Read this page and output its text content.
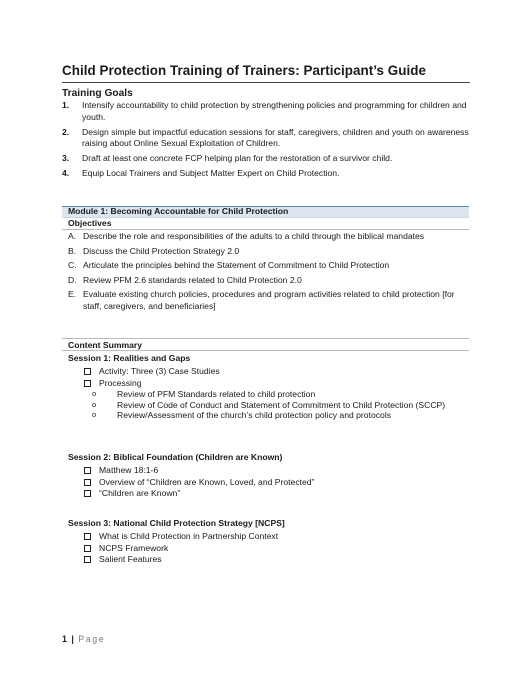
Child Protection Training of Trainers: Participant’s Guide
Training Goals
1. Intensify accountability to child protection by strengthening policies and programming for children and youth.
2. Design simple but impactful education sessions for staff, caregivers, children and youth on awareness raising about Online Sexual Exploitation of Children.
3. Draft at least one concrete FCP helping plan for the restoration of a survivor child.
4. Equip Local Trainers and Subject Matter Expert on Child Protection.
Module 1: Becoming Accountable for Child Protection
Objectives
A. Describe the role and responsibilities of the adults to a child through the biblical mandates
B. Discuss the Child Protection Strategy 2.0
C. Articulate the principles behind the Statement of Commitment to Child Protection
D. Review PFM 2.6 standards related to Child Protection 2.0
E. Evaluate existing church policies, procedures and program activities related to child protection [for staff, caregivers, and beneficiaries]
Content Summary
Session 1: Realities and Gaps
Activity: Three (3) Case Studies
Processing
o Review of PFM Standards related to child protection
o Review of Code of Conduct and Statement of Commitment to Child Protection (SCCP)
o Review/Assessment of the church’s child protection policy and protocols
Session 2: Biblical Foundation (Children are Known)
Matthew 18:1-6
Overview of “Children are Known, Loved, and Protected”
“Children are Known”
Session 3: National Child Protection Strategy [NCPS]
What is Child Protection in Partnership Context
NCPS Framework
Salient Features
1 | Page
